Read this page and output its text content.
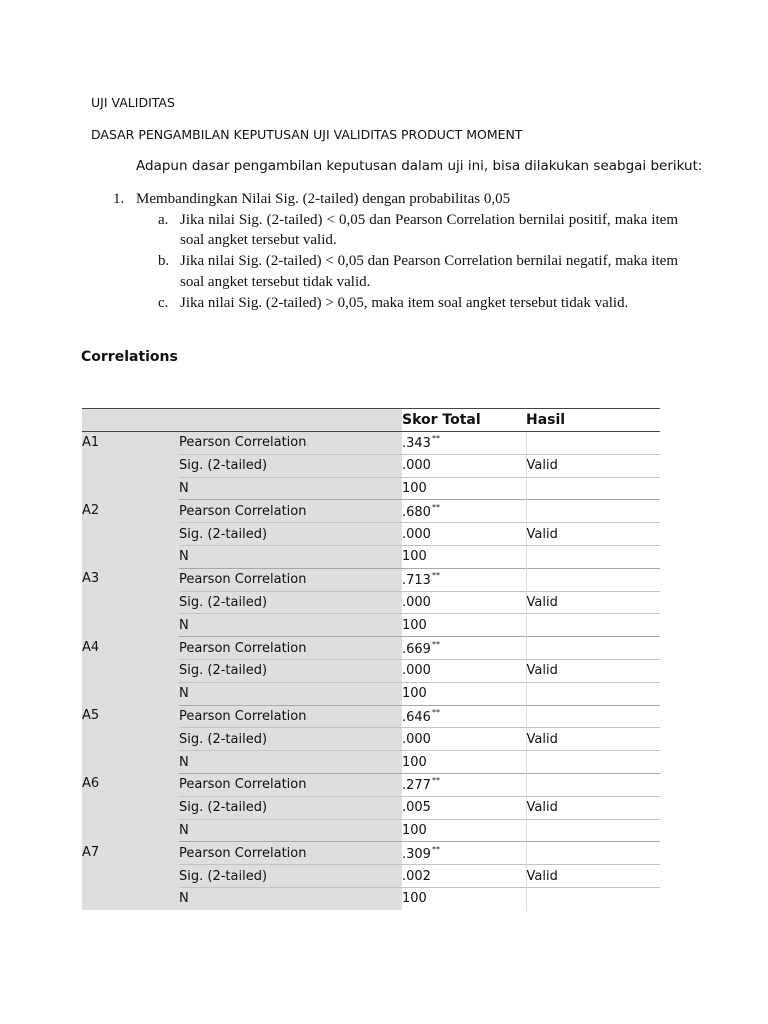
UJI VALIDITAS
DASAR PENGAMBILAN KEPUTUSAN UJI VALIDITAS PRODUCT MOMENT
Adapun dasar pengambilan keputusan dalam uji ini, bisa dilakukan seabgai berikut:
1. Membandingkan Nilai Sig. (2-tailed) dengan probabilitas 0,05
a. Jika nilai Sig. (2-tailed) < 0,05 dan Pearson Correlation bernilai positif, maka item soal angket tersebut valid.
b. Jika nilai Sig. (2-tailed) < 0,05 dan Pearson Correlation bernilai negatif, maka item soal angket tersebut tidak valid.
c. Jika nilai Sig. (2-tailed) > 0,05, maka item soal angket tersebut tidak valid.
Correlations
		Skor Total	Hasil
A1	Pearson Correlation	.343**	
	Sig. (2-tailed)	.000	Valid
	N	100	
A2	Pearson Correlation	.680**	
	Sig. (2-tailed)	.000	Valid
	N	100	
A3	Pearson Correlation	.713**	
	Sig. (2-tailed)	.000	Valid
	N	100	
A4	Pearson Correlation	.669**	
	Sig. (2-tailed)	.000	Valid
	N	100	
A5	Pearson Correlation	.646**	
	Sig. (2-tailed)	.000	Valid
	N	100	
A6	Pearson Correlation	.277**	
	Sig. (2-tailed)	.005	Valid
	N	100	
A7	Pearson Correlation	.309**	
	Sig. (2-tailed)	.002	Valid
	N	100	
